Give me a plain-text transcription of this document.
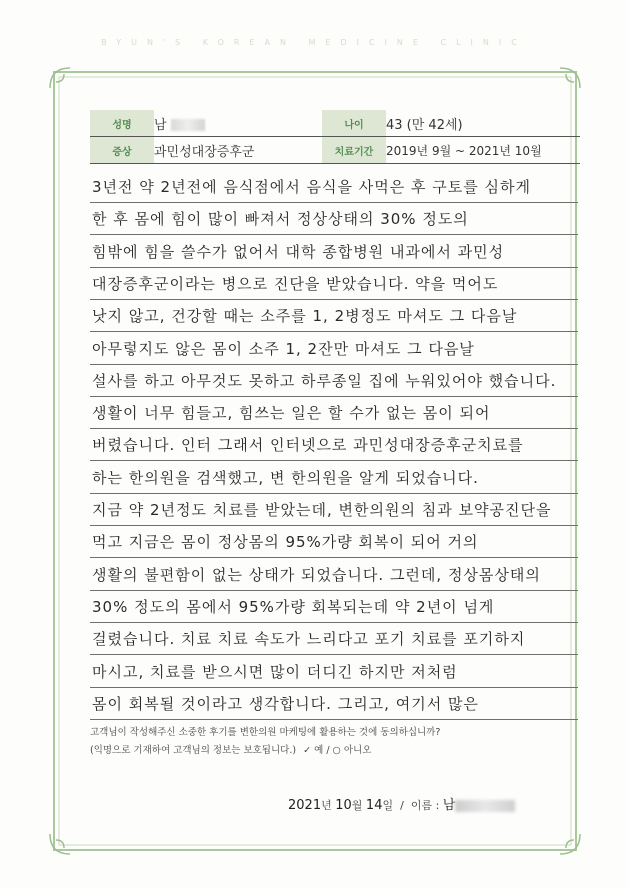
BYUN'S KOREAN MEDICINE CLINIC
성명	남	나이	43 (만 42세)
증상	과민성대장증후군	치료기간	2019년 9월 ~ 2021년 10월
3년전 약 2년전에 음식점에서 음식을 사먹은 후 구토를 심하게
한 후 몸에 힘이 많이 빠져서 정상상태의 30% 정도의
힘밖에 힘을 쓸수가 없어서 대학 종합병원 내과에서 과민성
대장증후군이라는 병으로 진단을 받았습니다. 약을 먹어도
낫지 않고, 건강할 때는 소주를 1, 2병정도 마셔도 그 다음날
아무렇지도 않은 몸이 소주 1, 2잔만 마셔도 그 다음날
설사를 하고 아무것도 못하고 하루종일 집에 누워있어야 했습니다.
생활이 너무 힘들고, 힘쓰는 일은 할 수가 없는 몸이 되어
버렸습니다. 인터 그래서 인터넷으로 과민성대장증후군치료를
하는 한의원을 검색했고, 변 한의원을 알게 되었습니다.
지금 약 2년정도 치료를 받았는데, 변한의원의 침과 보약공진단을
먹고 지금은 몸이 정상몸의 95%가량 회복이 되어 거의
생활의 불편함이 없는 상태가 되었습니다. 그런데, 정상몸상태의
30% 정도의 몸에서 95%가량 회복되는데 약 2년이 넘게
걸렸습니다. 치료 치료 속도가 느리다고 포기 치료를 포기하지
마시고, 치료를 받으시면 많이 더디긴 하지만 저처럼
몸이 회복될 것이라고 생각합니다. 그리고, 여기서 많은
고객님이 작성해주신 소중한 후기를 변한의원 마케팅에 활용하는 것에 동의하십니까?
(익명으로 기재하여 고객님의 정보는 보호됩니다.) ✓ 예 / ○ 아니오
2021년 10월 14일 / 이름 : 남
